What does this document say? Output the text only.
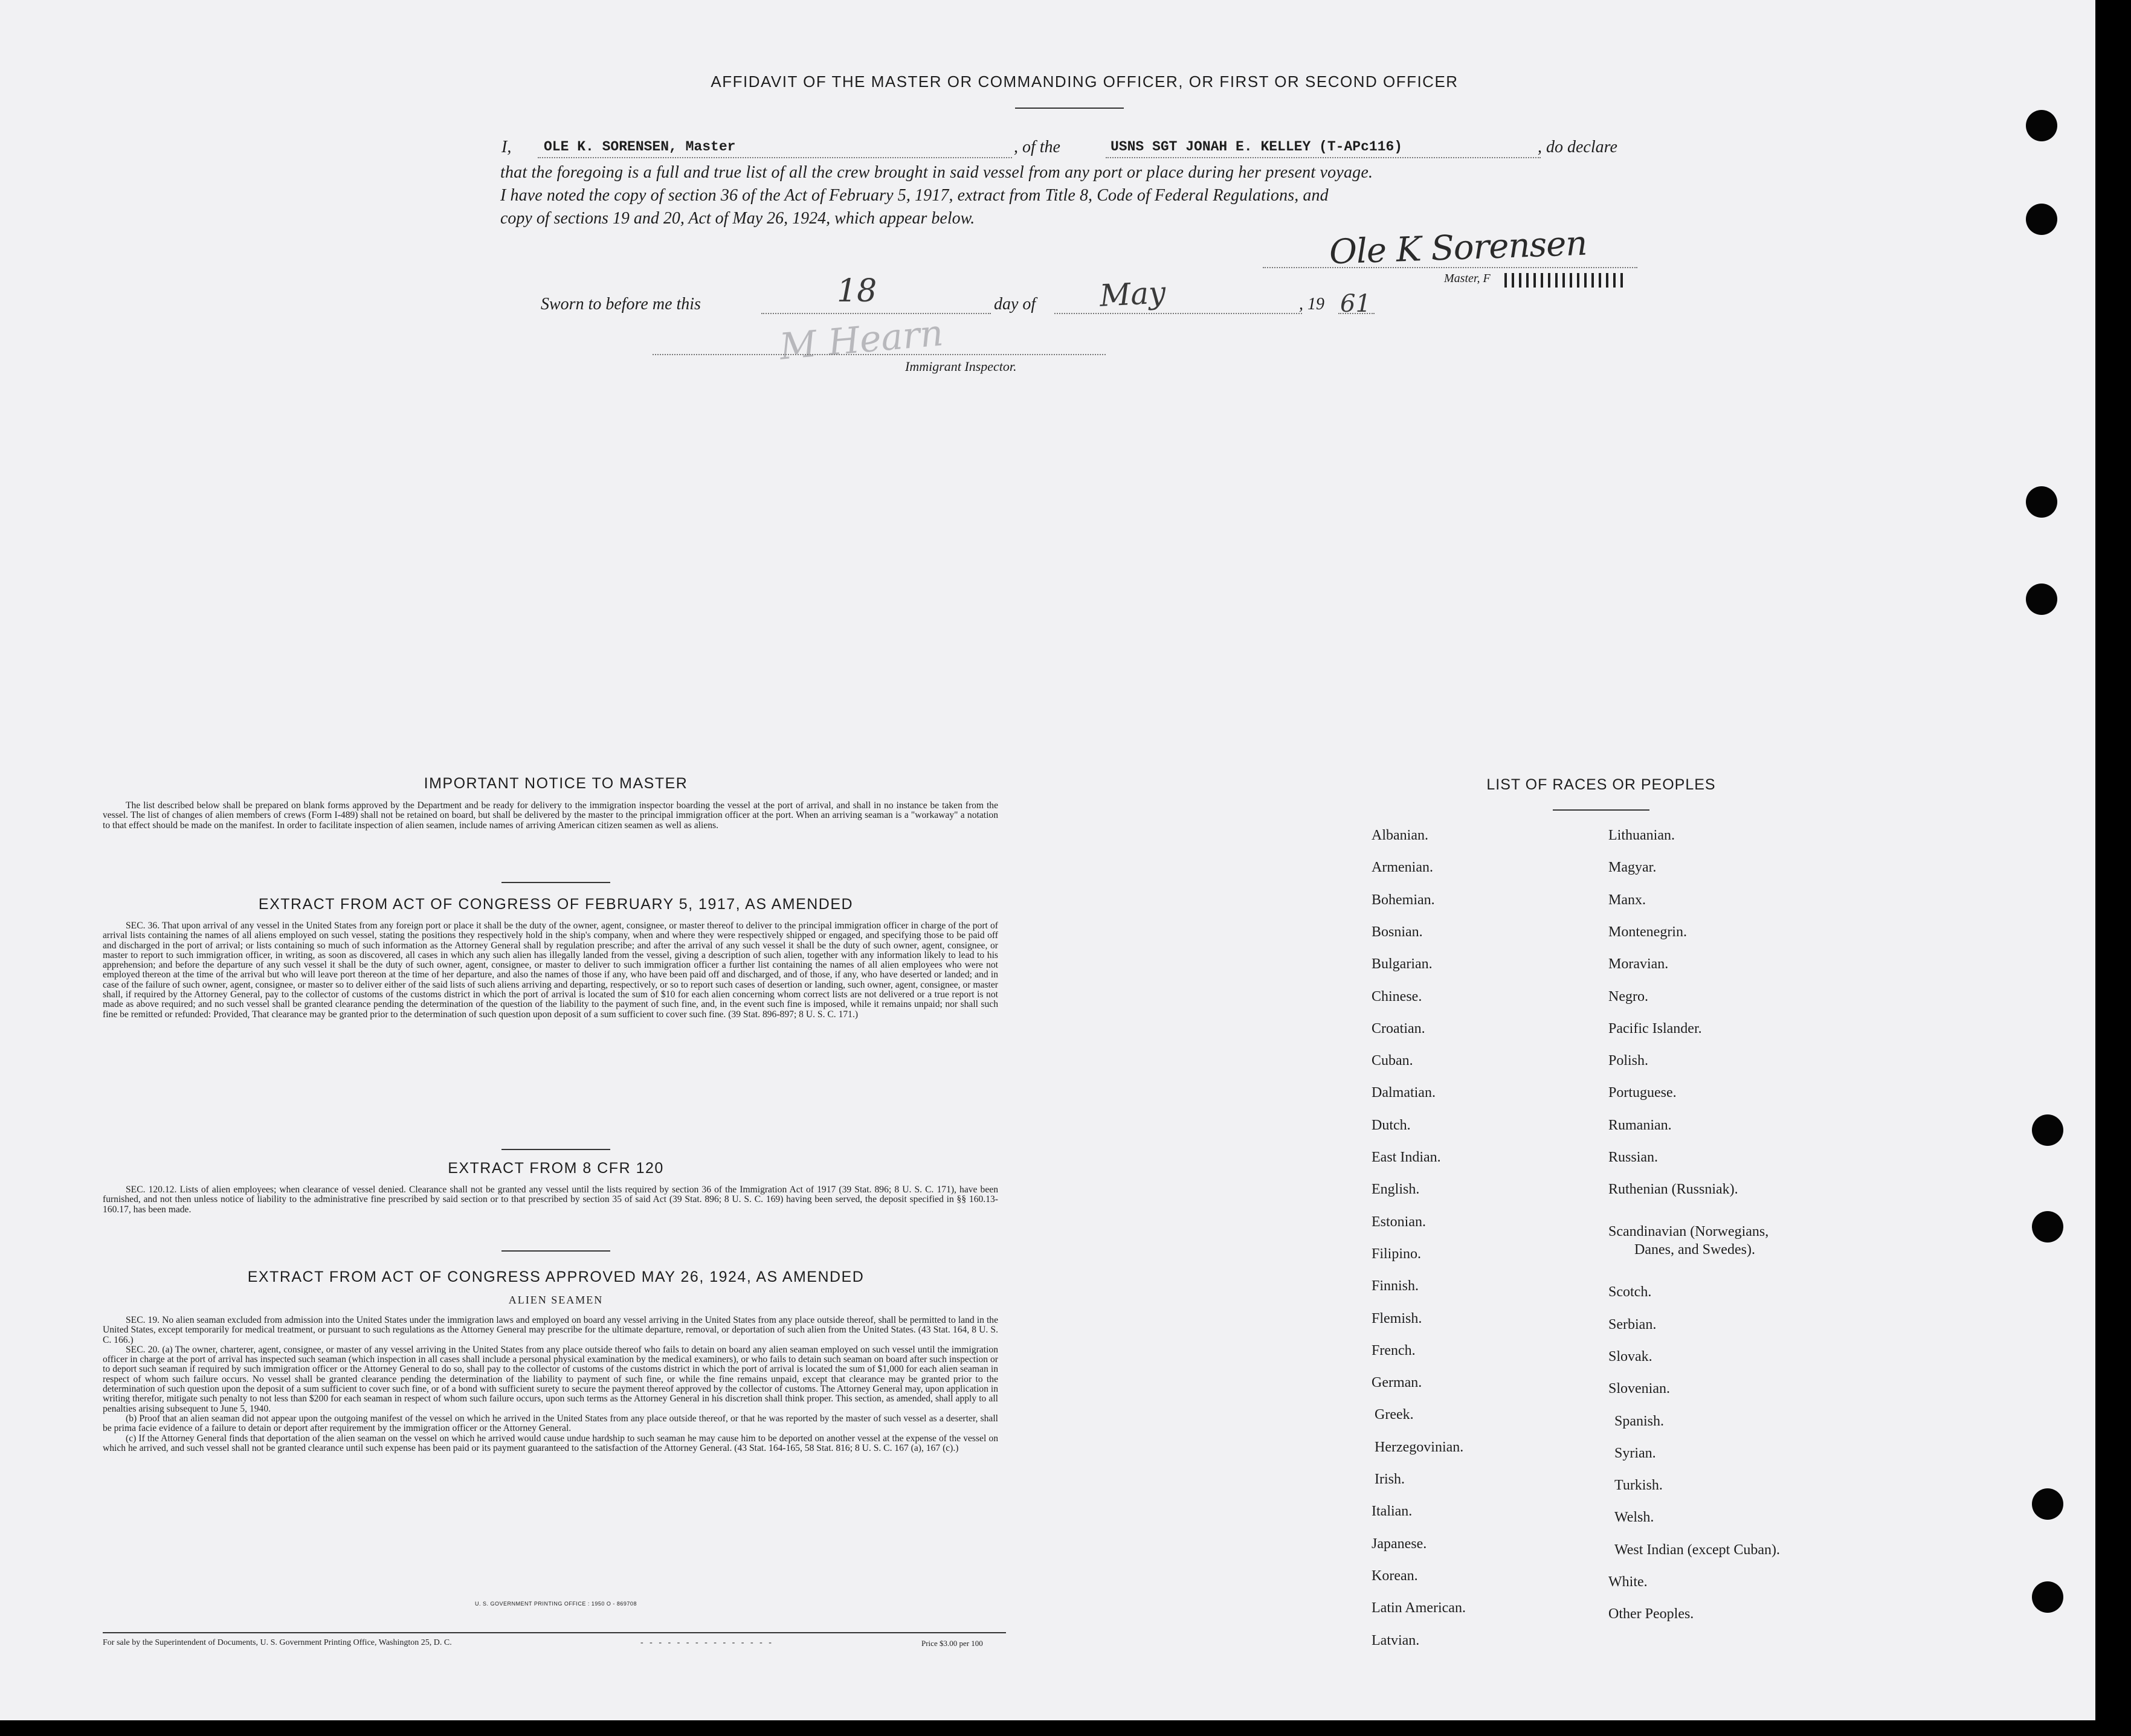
AFFIDAVIT OF THE MASTER OR COMMANDING OFFICER, OR FIRST OR SECOND OFFICER
I, OLE K. SORENSEN, Master	, of the	USNS SGT JONAH E. KELLEY (T-APc116)	, do declare
that the foregoing is a full and true list of all the crew brought in said vessel from any port or place during her present voyage.
I have noted the copy of section 36 of the Act of February 5, 1917, extract from Title 8, Code of Federal Regulations, and
copy of sections 19 and 20, Act of May 26, 1924, which appear below.
Ole K Sorensen
Master, F
Sworn to before me this	18	day of May	, 19 61
M Hearn
Immigrant Inspector.
IMPORTANT NOTICE TO MASTER

The list described below shall be prepared on blank forms approved by the Department and be ready for delivery to the immigration inspector boarding the vessel at the port of arrival, and shall in no instance be taken from the vessel. The list of changes of alien members of crews (Form I-489) shall not be retained on board, but shall be delivered by the master to the principal immigration officer at the port. When an arriving seaman is a "workaway" a notation to that effect should be made on the manifest. In order to facilitate inspection of alien seamen, include names of arriving American citizen seamen as well as aliens.

EXTRACT FROM ACT OF CONGRESS OF FEBRUARY 5, 1917, AS AMENDED

SEC. 36. That upon arrival of any vessel in the United States from any foreign port or place it shall be the duty of the owner, agent, consignee, or master thereof to deliver to the principal immigration officer in charge of the port of arrival lists containing the names of all aliens employed on such vessel, stating the positions they respectively hold in the ship's company, when and where they were respectively shipped or engaged, and specifying those to be paid off and discharged in the port of arrival; or lists containing so much of such information as the Attorney General shall by regulation prescribe; and after the arrival of any such vessel it shall be the duty of such owner, agent, consignee, or master to report to such immigration officer, in writing, as soon as discovered, all cases in which any such alien has illegally landed from the vessel, giving a description of such alien, together with any information likely to lead to his apprehension; and before the departure of any such vessel it shall be the duty of such owner, agent, consignee, or master to deliver to such immigration officer a further list containing the names of all alien employees who were not employed thereon at the time of the arrival but who will leave port thereon at the time of her departure, and also the names of those if any, who have been paid off and discharged, and of those, if any, who have deserted or landed; and in case of the failure of such owner, agent, consignee, or master so to deliver either of the said lists of such aliens arriving and departing, respectively, or so to report such cases of desertion or landing, such owner, agent, consignee, or master shall, if required by the Attorney General, pay to the collector of customs of the customs district in which the port of arrival is located the sum of $10 for each alien concerning whom correct lists are not delivered or a true report is not made as above required; and no such vessel shall be granted clearance pending the determination of the question of the liability to the payment of such fine, and, in the event such fine is imposed, while it remains unpaid; nor shall such fine be remitted or refunded: Provided, That clearance may be granted prior to the determination of such question upon deposit of a sum sufficient to cover such fine. (39 Stat. 896-897; 8 U. S. C. 171.)

EXTRACT FROM 8 CFR 120

SEC. 120.12. Lists of alien employees; when clearance of vessel denied. Clearance shall not be granted any vessel until the lists required by section 36 of the Immigration Act of 1917 (39 Stat. 896; 8 U. S. C. 171), have been furnished, and not then unless notice of liability to the administrative fine prescribed by said section or to that prescribed by section 35 of said Act (39 Stat. 896; 8 U. S. C. 169) having been served, the deposit specified in §§ 160.13-160.17, has been made.

EXTRACT FROM ACT OF CONGRESS APPROVED MAY 26, 1924, AS AMENDED
ALIEN SEAMEN

SEC. 19. No alien seaman excluded from admission into the United States under the immigration laws and employed on board any vessel arriving in the United States from any place outside thereof, shall be permitted to land in the United States, except temporarily for medical treatment, or pursuant to such regulations as the Attorney General may prescribe for the ultimate departure, removal, or deportation of such alien from the United States. (43 Stat. 164, 8 U. S. C. 166.)

SEC. 20. (a) The owner, charterer, agent, consignee, or master of any vessel arriving in the United States from any place outside thereof who fails to detain on board any alien seaman employed on such vessel until the immigration officer in charge at the port of arrival has inspected such seaman (which inspection in all cases shall include a personal physical examination by the medical examiners), or who fails to detain such seaman on board after such inspection or to deport such seaman if required by such immigration officer or the Attorney General to do so, shall pay to the collector of customs of the customs district in which the port of arrival is located the sum of $1,000 for each alien seaman in respect of whom such failure occurs. No vessel shall be granted clearance pending the determination of the liability to payment of such fine, or while the fine remains unpaid, except that clearance may be granted prior to the determination of such question upon the deposit of a sum sufficient to cover such fine, or of a bond with sufficient surety to secure the payment thereof approved by the collector of customs. The Attorney General may, upon application in writing therefor, mitigate such penalty to not less than $200 for each seaman in respect of whom such failure occurs, upon such terms as the Attorney General in his discretion shall think proper. This section, as amended, shall apply to all penalties arising subsequent to June 5, 1940.

(b) Proof that an alien seaman did not appear upon the outgoing manifest of the vessel on which he arrived in the United States from any place outside thereof, or that he was reported by the master of such vessel as a deserter, shall be prima facie evidence of a failure to detain or deport after requirement by the immigration officer or the Attorney General.

(c) If the Attorney General finds that deportation of the alien seaman on the vessel on which he arrived would cause undue hardship to such seaman he may cause him to be deported on another vessel at the expense of the vessel on which he arrived, and such vessel shall not be granted clearance until such expense has been paid or its payment guaranteed to the satisfaction of the Attorney General. (43 Stat. 164-165, 58 Stat. 816; 8 U. S. C. 167 (a), 167 (c).)

U. S. GOVERNMENT PRINTING OFFICE : 1950 O - 869708
For sale by the Superintendent of Documents, U. S. Government Printing Office, Washington 25, D. C.	-   -   -   -   -   -   -   -   -   -   -   -   -   -   -	Price $3.00 per 100
LIST OF RACES OR PEOPLES
Albanian.
Armenian.
Bohemian.
Bosnian.
Bulgarian.
Chinese.
Croatian.
Cuban.
Dalmatian.
Dutch.
East Indian.
English.
Estonian.
Filipino.
Finnish.
Flemish.
French.
German.
Greek.
Herzegovinian.
Irish.
Italian.
Japanese.
Korean.
Latin American.
Latvian.
Lithuanian.
Magyar.
Manx.
Montenegrin.
Moravian.
Negro.
Pacific Islander.
Polish.
Portuguese.
Rumanian.
Russian.
Ruthenian (Russniak).
Scandinavian (Norwegians,
Danes, and Swedes).
Scotch.
Serbian.
Slovak.
Slovenian.
Spanish.
Syrian.
Turkish.
Welsh.
West Indian (except Cuban).
White.
Other Peoples.
